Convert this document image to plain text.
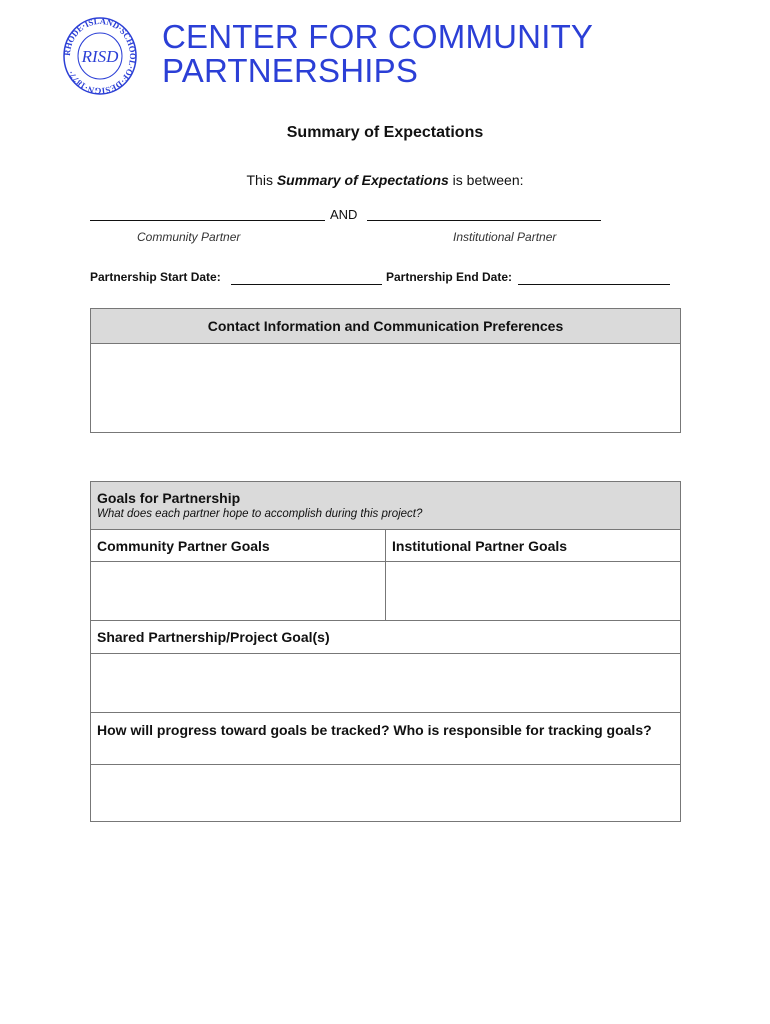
RHODE·ISLAND·SCHOOL·OF·DESIGN·1877·
RISD
CENTER FOR COMMUNITY
PARTNERSHIPS
Summary of Expectations
This Summary of Expectations is between:
AND
Community Partner	Institutional Partner
Partnership Start Date:	Partnership End Date:
Contact Information and Communication Preferences
Goals for Partnership
What does each partner hope to accomplish during this project?
Community Partner Goals	Institutional Partner Goals
Shared Partnership/Project Goal(s)
How will progress toward goals be tracked? Who is responsible for tracking goals?
